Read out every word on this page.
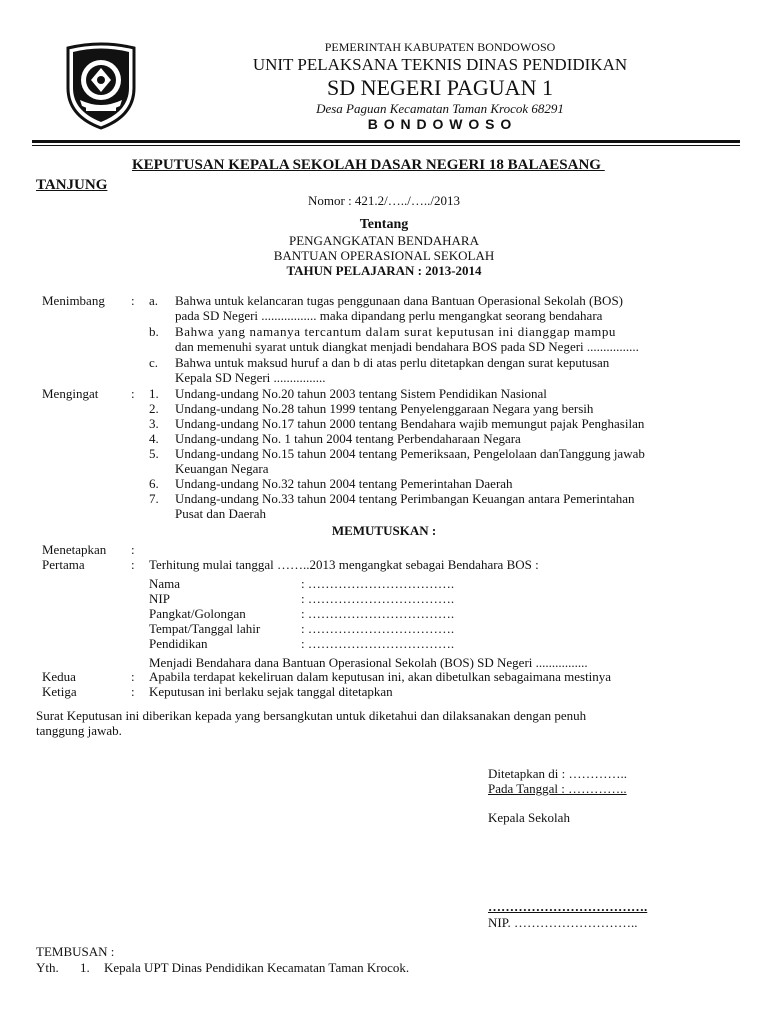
PEMERINTAH KABUPATEN BONDOWOSO
UNIT PELAKSANA TEKNIS DINAS PENDIDIKAN
SD NEGERI PAGUAN 1
Desa Paguan Kecamatan Taman Krocok 68291
B O N D O W O S O
KEPUTUSAN KEPALA SEKOLAH DASAR NEGERI 18 BALAESANG
TANJUNG
Nomor : 421.2/…../…../2013
Tentang
PENGANGKATAN BENDAHARA
BANTUAN OPERASIONAL SEKOLAH
TAHUN PELAJARAN : 2013-2014
Menimbang : a. Bahwa untuk kelancaran tugas penggunaan dana Bantuan Operasional Sekolah (BOS)
pada SD Negeri ................. maka dipandang perlu mengangkat seorang bendahara
b. Bahwa yang namanya tercantum dalam surat keputusan ini dianggap mampu
dan memenuhi syarat untuk diangkat menjadi bendahara BOS pada SD Negeri ................
c. Bahwa untuk maksud huruf a dan b di atas perlu ditetapkan dengan surat keputusan
Kepala SD Negeri ................
Mengingat	: 1. Undang-undang No.20 tahun 2003 tentang Sistem Pendidikan Nasional
2. Undang-undang No.28 tahun 1999 tentang Penyelenggaraan Negara yang bersih
3. Undang-undang No.17 tahun 2000 tentang Bendahara wajib memungut pajak Penghasilan
4. Undang-undang No. 1 tahun 2004 tentang Perbendaharaan Negara
5. Undang-undang No.15 tahun 2004 tentang Pemeriksaan, Pengelolaan danTanggung jawab
Keuangan Negara
6. Undang-undang No.32 tahun 2004 tentang Pemerintahan Daerah
7. Undang-undang No.33 tahun 2004 tentang Perimbangan Keuangan antara Pemerintahan
Pusat dan Daerah
MEMUTUSKAN :
Menetapkan :
Pertama	: Terhitung mulai tanggal ……..2013 mengangkat sebagai Bendahara BOS :
Nama	: …………………………….
NIP	: …………………………….
Pangkat/Golongan	: …………………………….
Tempat/Tanggal lahir	: …………………………….
Pendidikan	: …………………………….
Menjadi Bendahara dana Bantuan Operasional Sekolah (BOS) SD Negeri ................
Kedua	: Apabila terdapat kekeliruan dalam keputusan ini, akan dibetulkan sebagaimana mestinya
Ketiga	: Keputusan ini berlaku sejak tanggal ditetapkan
Surat Keputusan ini diberikan kepada yang bersangkutan untuk diketahui dan dilaksanakan dengan penuh
tanggung jawab.
Ditetapkan di : …………..
Pada Tanggal : …………..
Kepala Sekolah
……………………………….
NIP. ………………………..
TEMBUSAN :
Yth. 1. Kepala UPT Dinas Pendidikan Kecamatan Taman Krocok.
